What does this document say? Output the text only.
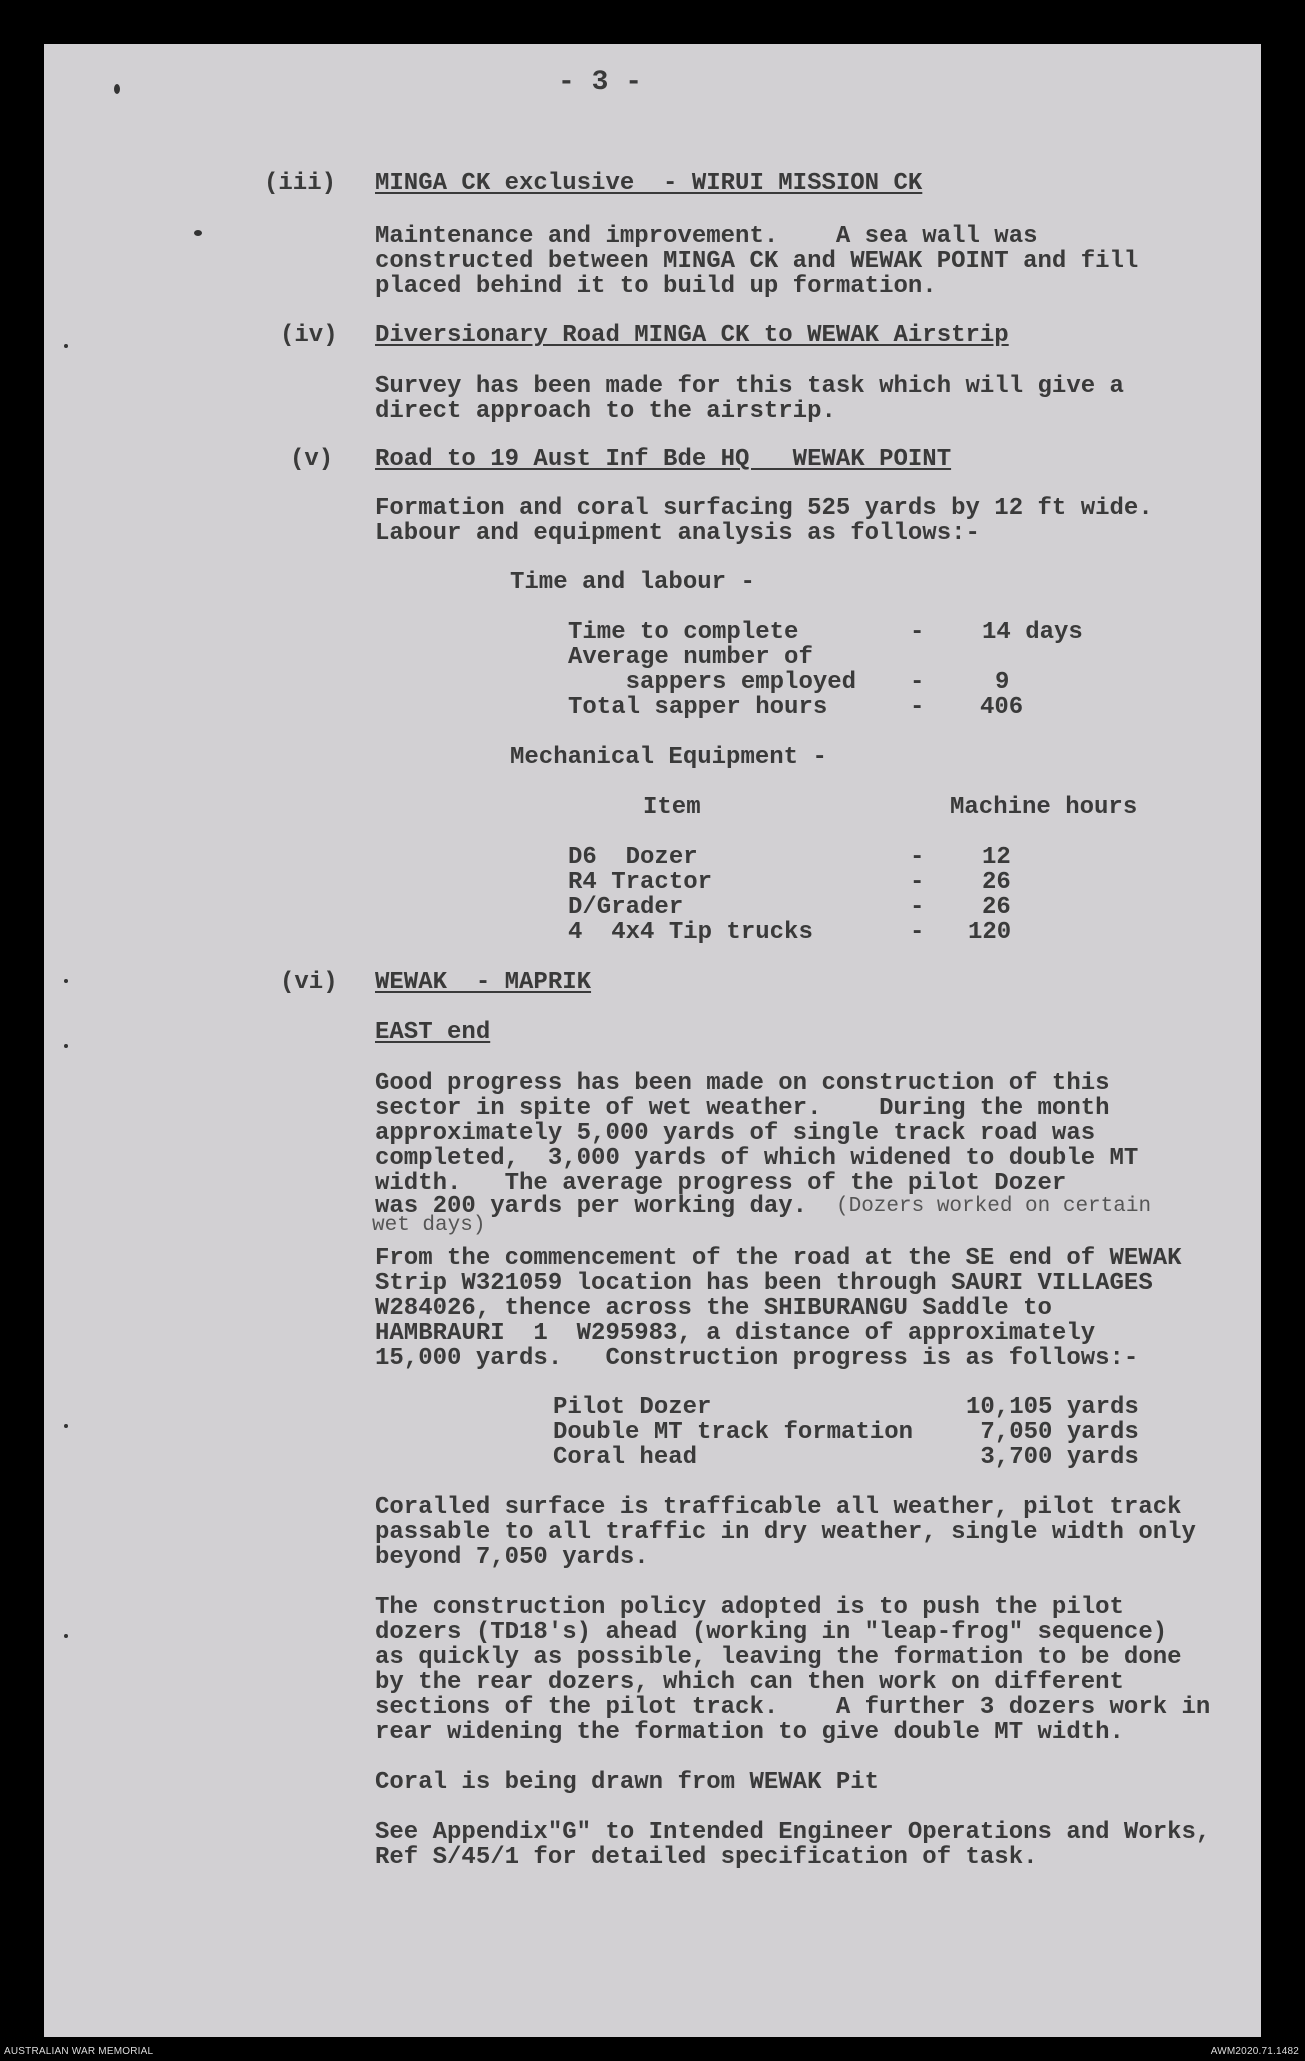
- 3 -
(iii) MINGA CK exclusive  - WIRUI MISSION CK
Maintenance and improvement.    A sea wall was
constructed between MINGA CK and WEWAK POINT and fill
placed behind it to build up formation.
(iv) Diversionary Road MINGA CK to WEWAK Airstrip
Survey has been made for this task which will give a
direct approach to the airstrip.
(v) Road to 19 Aust Inf Bde HQ   WEWAK POINT
Formation and coral surfacing 525 yards by 12 ft wide.
Labour and equipment analysis as follows:-
Time and labour -
Time to complete	- 14 days
Average number of
sappers employed -	9
Total sapper hours	- 406
Mechanical Equipment -
Item	Machine hours
D6  Dozer	- 12
R4 Tractor	- 26
D/Grader	- 26
4  4x4 Tip trucks	- 120
(vi) WEWAK  - MAPRIK
EAST end
Good progress has been made on construction of this
sector in spite of wet weather.    During the month
approximately 5,000 yards of single track road was
completed,  3,000 yards of which widened to double MT
width.   The average progress of the pilot Dozer
was 200 yards per working day. (Dozers worked on certain
wet days)
From the commencement of the road at the SE end of WEWAK
Strip W321059 location has been through SAURI VILLAGES
W284026, thence across the SHIBURANGU Saddle to
HAMBRAURI  1  W295983, a distance of approximately
15,000 yards.   Construction progress is as follows:-
Pilot Dozer	10,105 yards
Double MT track formation 7,050 yards
Coral head	3,700 yards
Coralled surface is trafficable all weather, pilot track
passable to all traffic in dry weather, single width only
beyond 7,050 yards.
The construction policy adopted is to push the pilot
dozers (TD18's) ahead (working in "leap-frog" sequence)
as quickly as possible, leaving the formation to be done
by the rear dozers, which can then work on different
sections of the pilot track.    A further 3 dozers work in
rear widening the formation to give double MT width.
Coral is being drawn from WEWAK Pit
See Appendix"G" to Intended Engineer Operations and Works,
Ref S/45/1 for detailed specification of task.
AUSTRALIAN WAR MEMORIAL	AWM2020.71.1482
